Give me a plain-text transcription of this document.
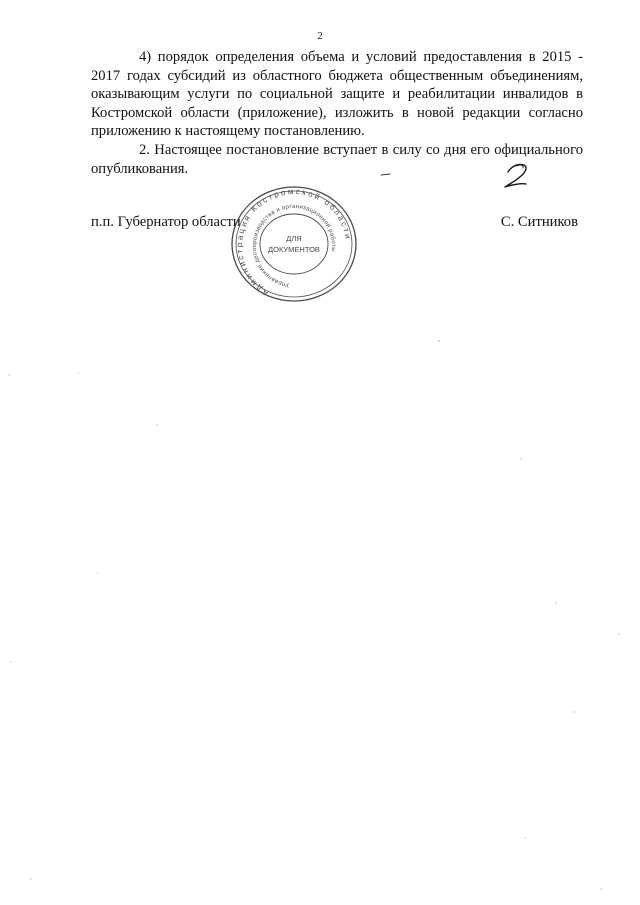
2

4) порядок определения объема и условий предоставления в 2015 - 2017 годах субсидий из областного бюджета общественным объединениям, оказывающим услуги по социальной защите и реабилитации инвалидов в Костромской области (приложение), изложить в новой редакции согласно приложению к настоящему постановлению.

2. Настоящее постановление вступает в силу со дня его официального опубликования.

п.п. Губернатор области	С. Ситников
Администрация Костромской области
Управление делопроизводства и организационной работы
ДЛЯ
ДОКУМЕНТОВ
